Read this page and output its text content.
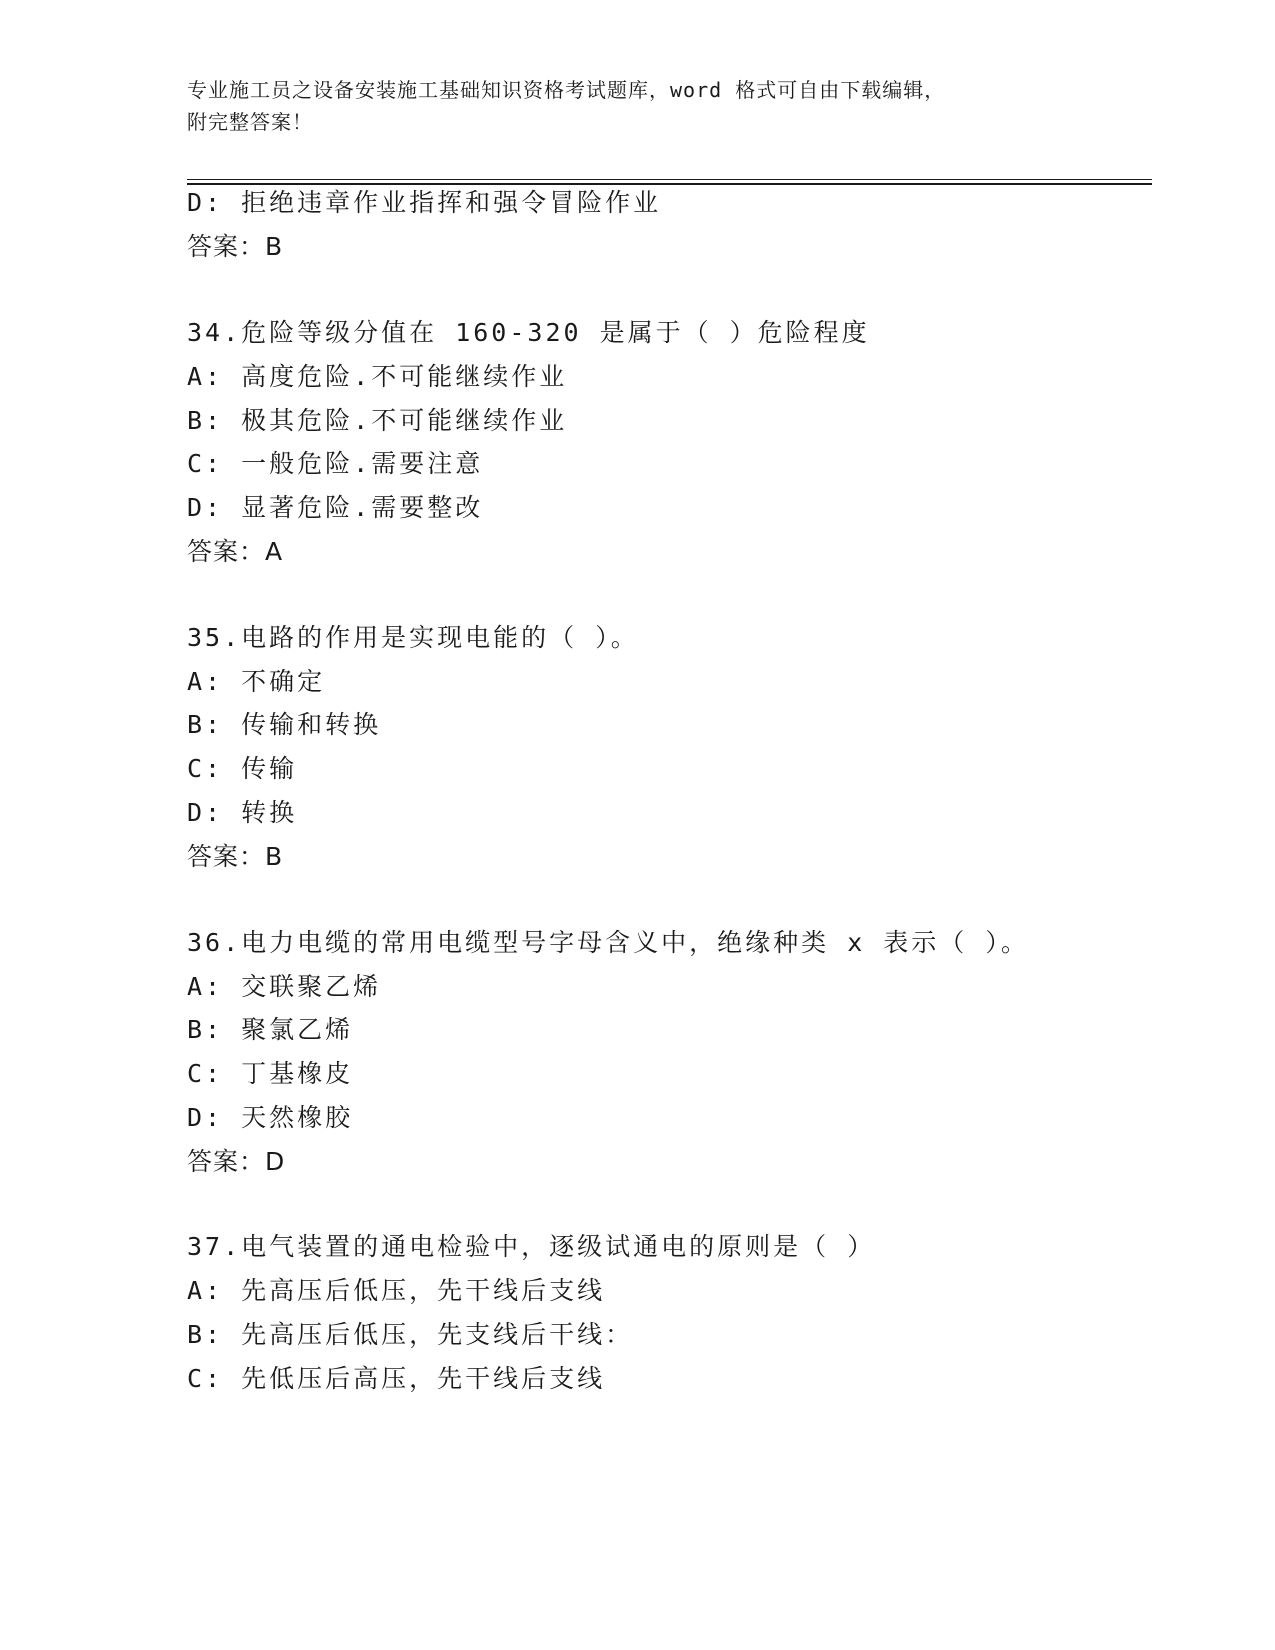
专业施工员之设备安装施工基础知识资格考试题库，word 格式可自由下载编辑，
附完整答案！
D: 拒绝违章作业指挥和强令冒险作业
答案：B
34.危险等级分值在 160-320 是属于（ ）危险程度
A: 高度危险.不可能继续作业
B: 极其危险.不可能继续作业
C: 一般危险.需要注意
D: 显著危险.需要整改
答案：A
35.电路的作用是实现电能的（ ）。
A: 不确定
B: 传输和转换
C: 传输
D: 转换
答案：B
36.电力电缆的常用电缆型号字母含义中，绝缘种类 x 表示（ ）。
A: 交联聚乙烯
B: 聚氯乙烯
C: 丁基橡皮
D: 天然橡胶
答案：D
37.电气装置的通电检验中，逐级试通电的原则是（ ）
A: 先高压后低压，先干线后支线
B: 先高压后低压，先支线后干线：
C: 先低压后高压，先干线后支线
